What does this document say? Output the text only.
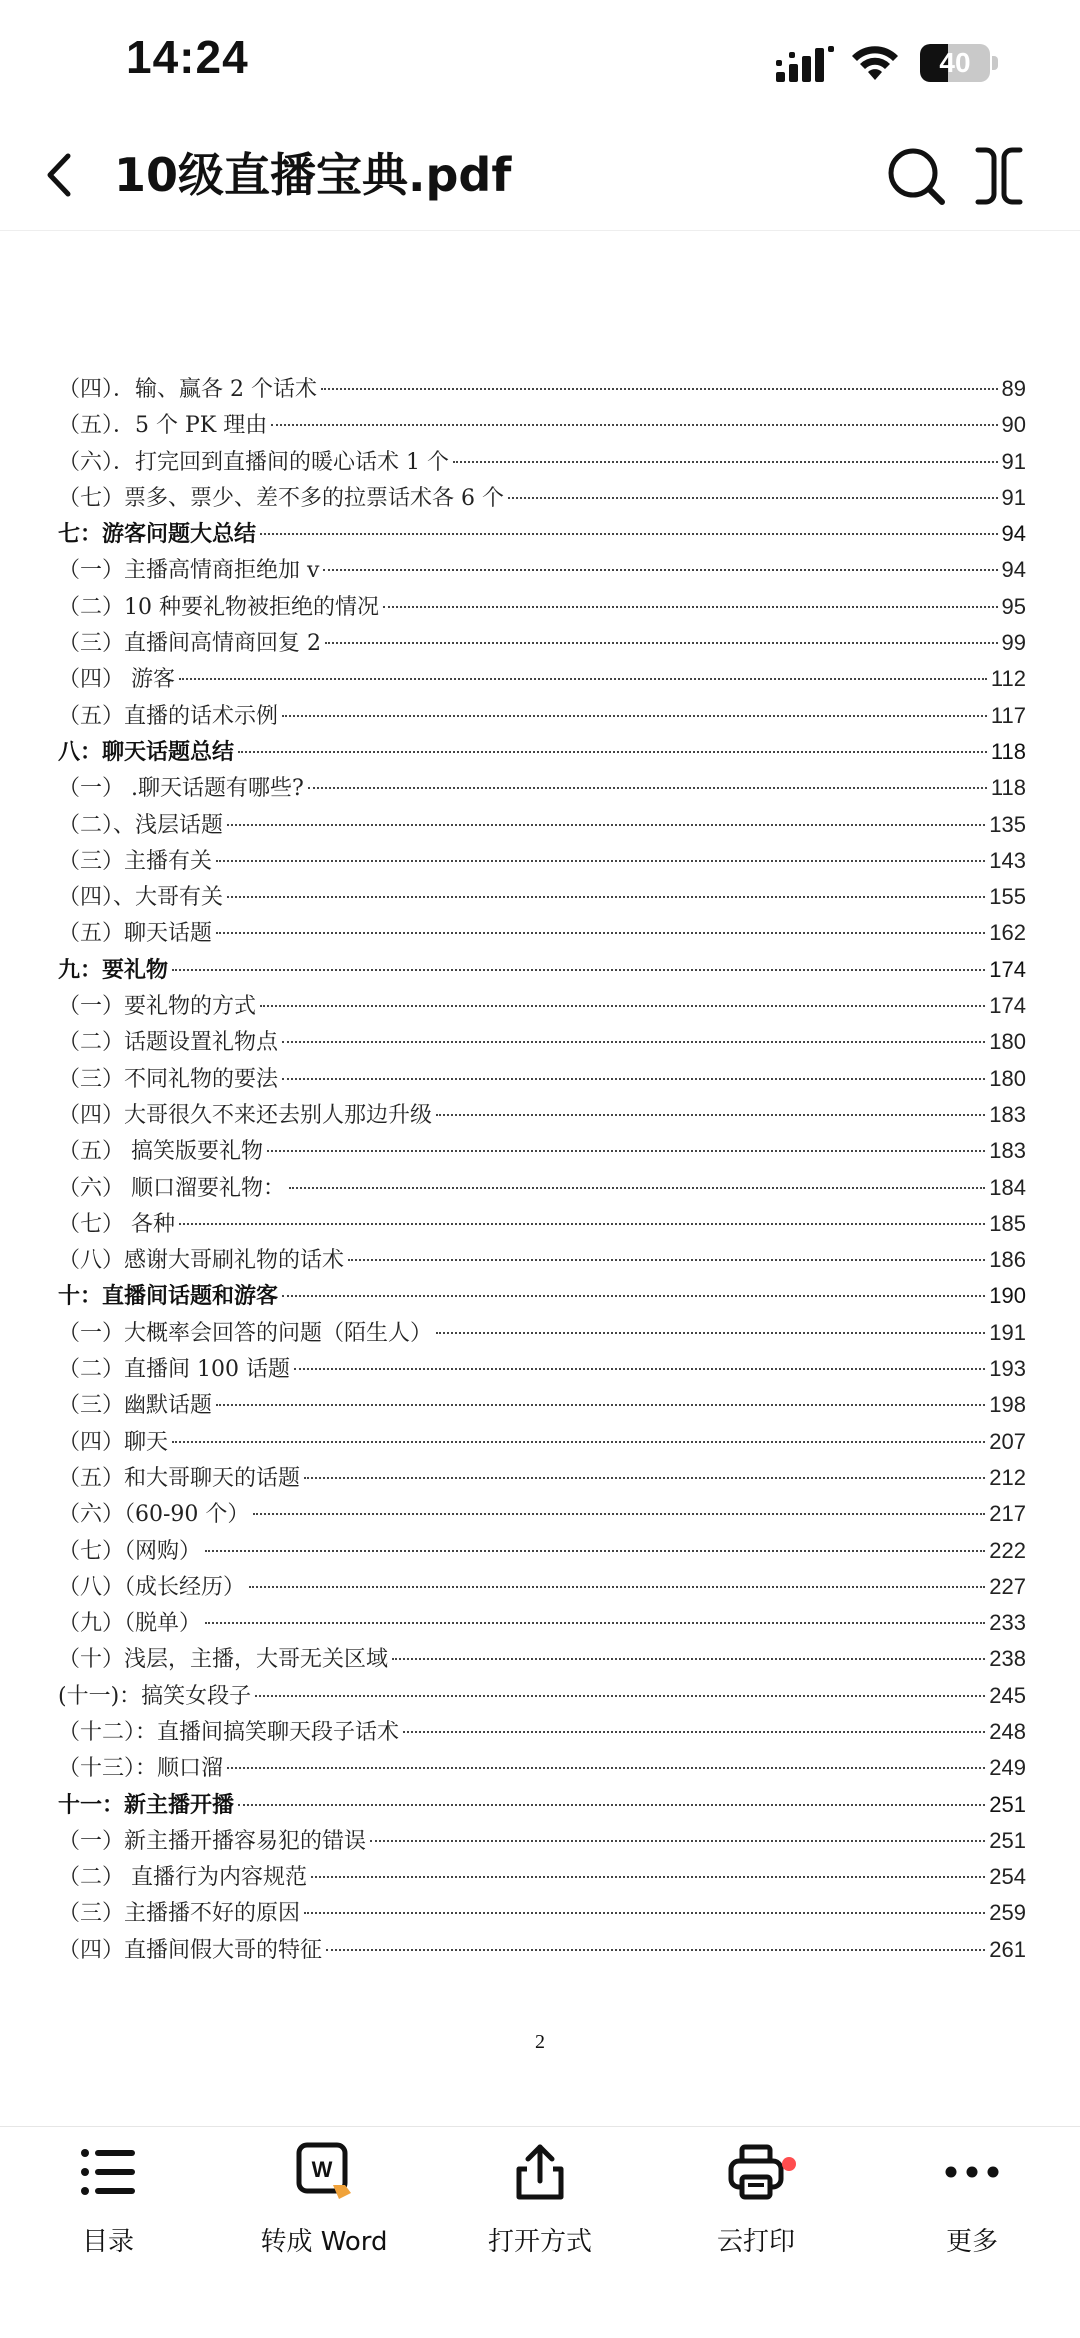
14:24	40
10级直播宝典.pdf
（四）．输、赢各 2 个话术	89
（五）．5 个 PK 理由	90
（六）．打完回到直播间的暖心话术 1 个	91
（七）票多、票少、差不多的拉票话术各 6 个	91
七：游客问题大总结	94
（一）主播高情商拒绝加 v	94
（二）10 种要礼物被拒绝的情况	95
（三）直播间高情商回复 2	99
（四） 游客	112
（五）直播的话术示例	117
八：聊天话题总结	118
（一） .聊天话题有哪些?	118
（二）、浅层话题	135
（三）主播有关	143
（四）、大哥有关	155
（五）聊天话题	162
九：要礼物	174
（一）要礼物的方式	174
（二）话题设置礼物点	180
（三）不同礼物的要法	180
（四）大哥很久不来还去别人那边升级	183
（五） 搞笑版要礼物	183
（六） 顺口溜要礼物：	184
（七） 各种	185
（八）感谢大哥刷礼物的话术	186
十：直播间话题和游客	190
（一）大概率会回答的问题（陌生人）	191
（二）直播间 100 话题	193
（三）幽默话题	198
（四）聊天	207
（五）和大哥聊天的话题	212
（六）（60-90 个）	217
（七）（网购）	222
（八）（成长经历）	227
（九）（脱单）	233
（十）浅层，主播，大哥无关区域	238
(十一)：搞笑女段子	245
（十二）：直播间搞笑聊天段子话术	248
（十三）：顺口溜	249
十一：新主播开播	251
（一）新主播开播容易犯的错误	251
（二） 直播行为内容规范	254
（三）主播播不好的原因	259
（四）直播间假大哥的特征	261
2
目录
W
转成 Word	打开方式	云打印	更多
